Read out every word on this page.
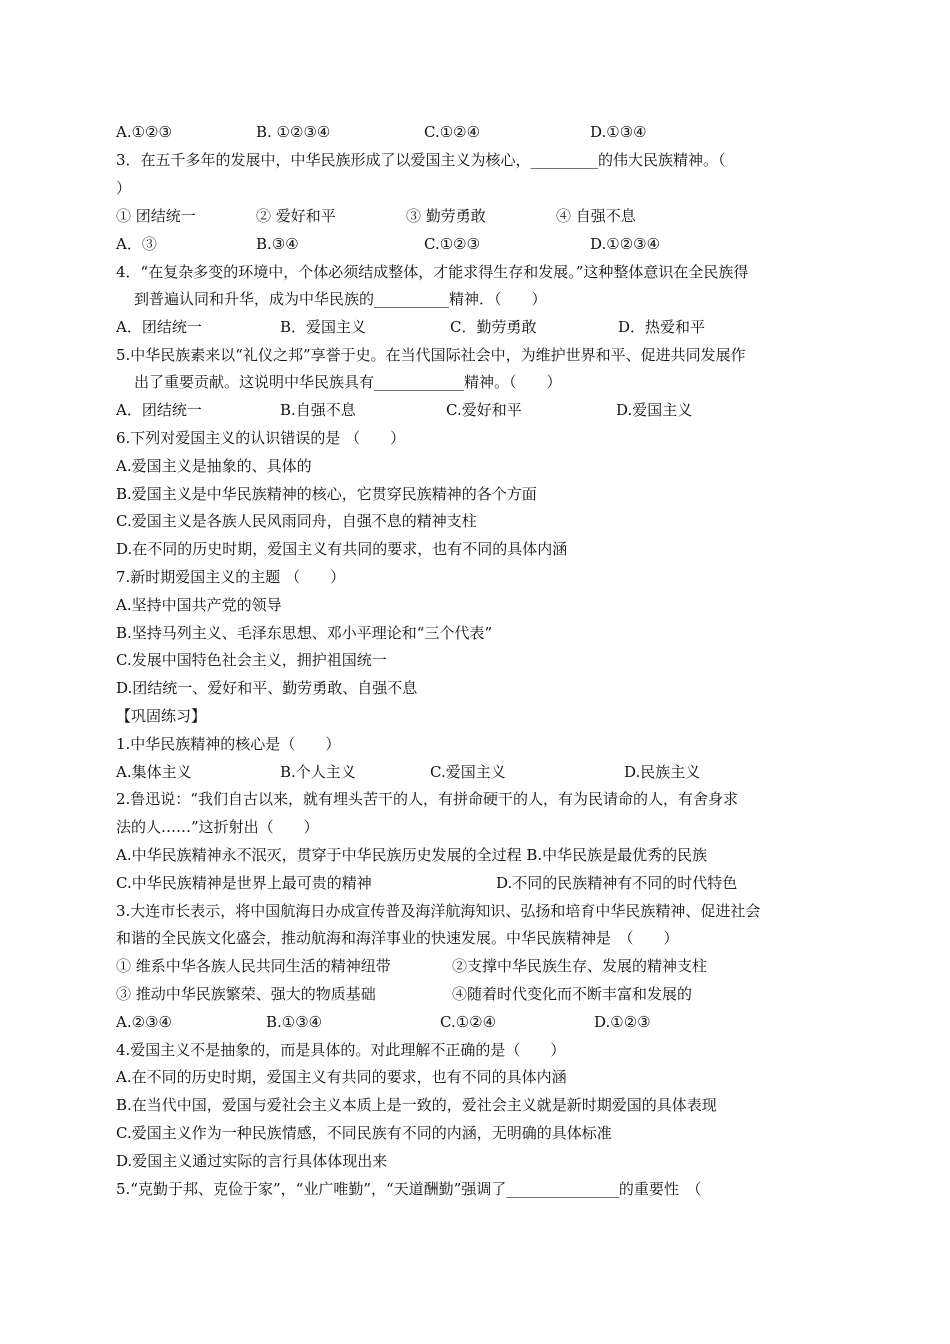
A.①②③	B. ①②③④	C.①②④	D.①③④
3．在五千多年的发展中，中华民族形成了以爱国主义为核心，_________的伟大民族精神。（
）
① 团结统一	② 爱好和平	③ 勤劳勇敢	④ 自强不息
A．③	B.③④	C.①②③	D.①②③④
4．“在复杂多变的环境中，个体必须结成整体，才能求得生存和发展。”这种整体意识在全民族得
到普遍认同和升华，成为中华民族的__________精神．（　　）
A．团结统一	B．爱国主义	C．勤劳勇敢	D．热爱和平
5.中华民族素来以“礼仪之邦”享誉于史。在当代国际社会中，为维护世界和平、促进共同发展作
出了重要贡献。这说明中华民族具有____________精神。（　　）
A．团结统一	B.自强不息	C.爱好和平	D.爱国主义
6.下列对爱国主义的认识错误的是 （　　）
A.爱国主义是抽象的、具体的
B.爱国主义是中华民族精神的核心，它贯穿民族精神的各个方面
C.爱国主义是各族人民风雨同舟，自强不息的精神支柱
D.在不同的历史时期，爱国主义有共同的要求，也有不同的具体内涵
7.新时期爱国主义的主题 （　　）
A.坚持中国共产党的领导
B.坚持马列主义、毛泽东思想、邓小平理论和“三个代表”
C.发展中国特色社会主义，拥护祖国统一
D.团结统一、爱好和平、勤劳勇敢、自强不息
【巩固练习】
1.中华民族精神的核心是（　　）
A.集体主义	B.个人主义	C.爱国主义	D.民族主义
2.鲁迅说：“我们自古以来，就有埋头苦干的人，有拼命硬干的人，有为民请命的人，有舍身求
法的人……”这折射出（　　）
A.中华民族精神永不泯灭，贯穿于中华民族历史发展的全过程 B.中华民族是最优秀的民族
C.中华民族精神是世界上最可贵的精神	D.不同的民族精神有不同的时代特色
3.大连市长表示，将中国航海日办成宣传普及海洋航海知识、弘扬和培育中华民族精神、促进社会
和谐的全民族文化盛会，推动航海和海洋事业的快速发展。中华民族精神是　（　　）
① 维系中华各族人民共同生活的精神纽带	②支撑中华民族生存、发展的精神支柱
③ 推动中华民族繁荣、强大的物质基础	④随着时代变化而不断丰富和发展的
A.②③④	B.①③④	C.①②④	D.①②③
4.爱国主义不是抽象的，而是具体的。对此理解不正确的是（　　）
A.在不同的历史时期，爱国主义有共同的要求，也有不同的具体内涵
B.在当代中国，爱国与爱社会主义本质上是一致的，爱社会主义就是新时期爱国的具体表现
C.爱国主义作为一种民族情感，不同民族有不同的内涵，无明确的具体标准
D.爱国主义通过实际的言行具体体现出来
5.“克勤于邦、克俭于家”，“业广唯勤”，“天道酬勤”强调了_______________的重要性　（
